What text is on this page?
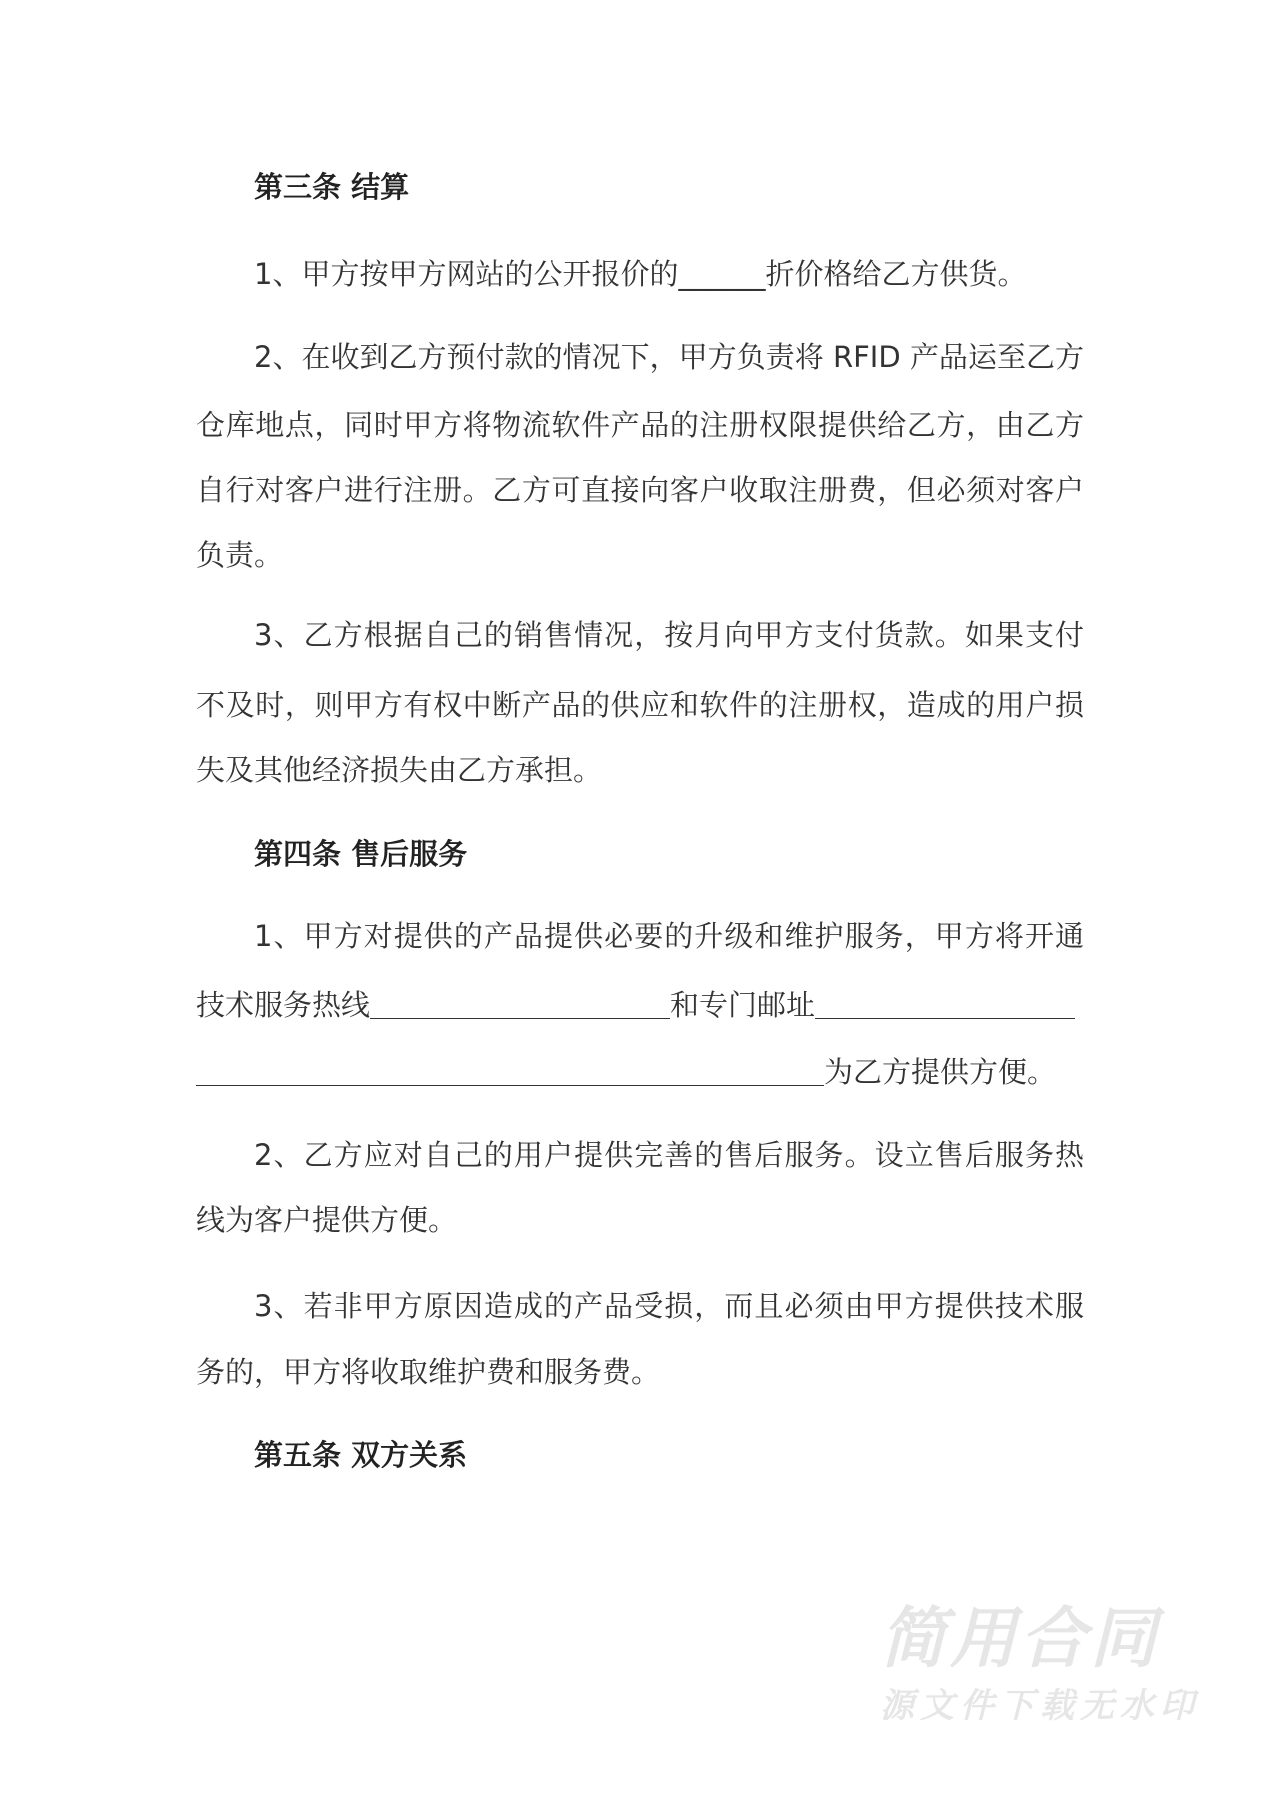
第三条 结算
1、甲方按甲方网站的公开报价的______折价格给乙方供货。
2、在收到乙方预付款的情况下，甲方负责将 RFID 产品运至乙方
仓库地点，同时甲方将物流软件产品的注册权限提供给乙方，由乙方
自行对客户进行注册。乙方可直接向客户收取注册费，但必须对客户
负责。
3、乙方根据自己的销售情况，按月向甲方支付货款。如果支付
不及时，则甲方有权中断产品的供应和软件的注册权，造成的用户损
失及其他经济损失由乙方承担。
第四条 售后服务
1、甲方对提供的产品提供必要的升级和维护服务，甲方将开通
技术服务热线	和专门邮址
为乙方提供方便。
2、乙方应对自己的用户提供完善的售后服务。设立售后服务热
线为客户提供方便。
3、若非甲方原因造成的产品受损，而且必须由甲方提供技术服
务的，甲方将收取维护费和服务费。
第五条 双方关系
简用合同
源文件下载无水印
